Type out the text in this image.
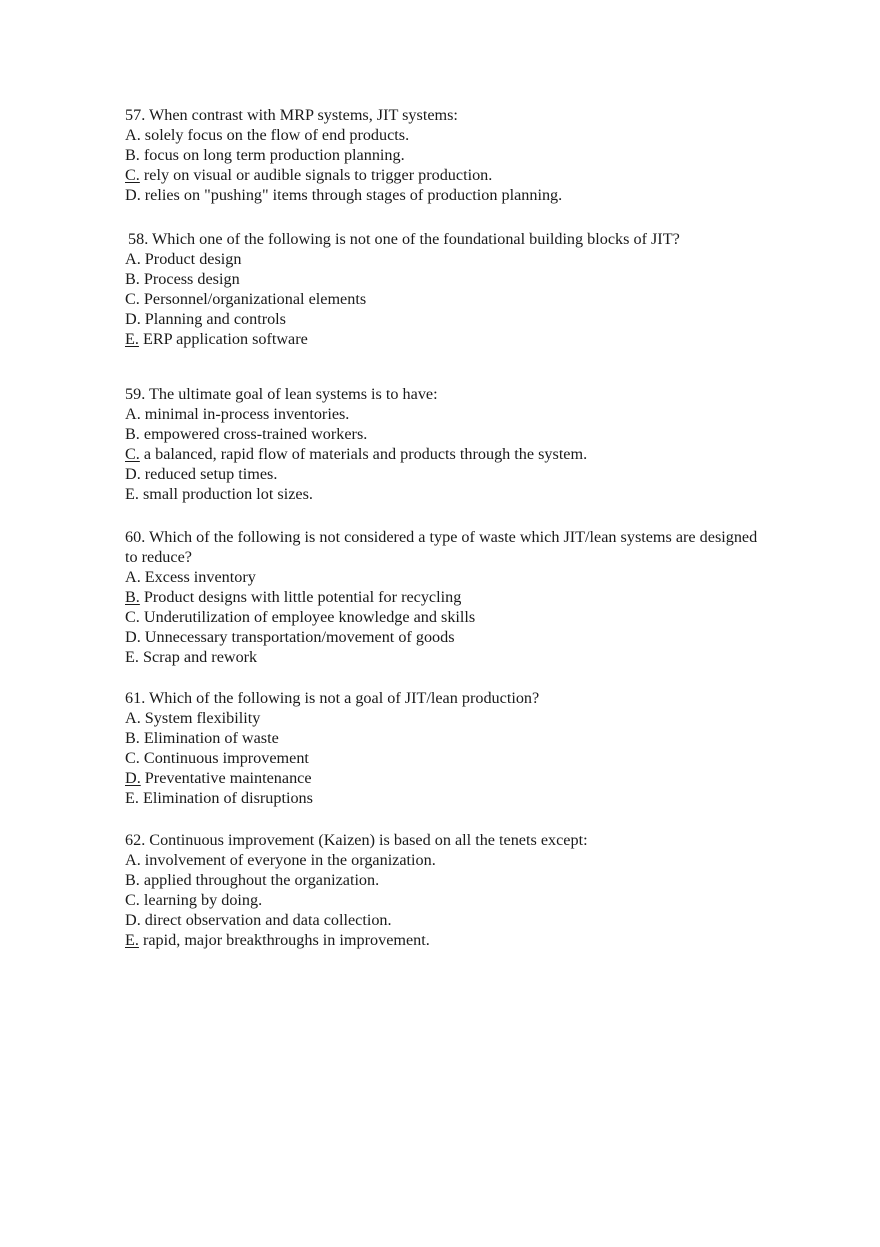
57. When contrast with MRP systems, JIT systems:
A. solely focus on the flow of end products.
B. focus on long term production planning.
C. rely on visual or audible signals to trigger production.
D. relies on "pushing" items through stages of production planning.
58. Which one of the following is not one of the foundational building blocks of JIT?
A. Product design
B. Process design
C. Personnel/organizational elements
D. Planning and controls
E. ERP application software
59. The ultimate goal of lean systems is to have:
A. minimal in-process inventories.
B. empowered cross-trained workers.
C. a balanced, rapid flow of materials and products through the system.
D. reduced setup times.
E. small production lot sizes.
60. Which of the following is not considered a type of waste which JIT/lean systems are designed to reduce?
A. Excess inventory
B. Product designs with little potential for recycling
C. Underutilization of employee knowledge and skills
D. Unnecessary transportation/movement of goods
E. Scrap and rework
61. Which of the following is not a goal of JIT/lean production?
A. System flexibility
B. Elimination of waste
C. Continuous improvement
D. Preventative maintenance
E. Elimination of disruptions
62. Continuous improvement (Kaizen) is based on all the tenets except:
A. involvement of everyone in the organization.
B. applied throughout the organization.
C. learning by doing.
D. direct observation and data collection.
E. rapid, major breakthroughs in improvement.
